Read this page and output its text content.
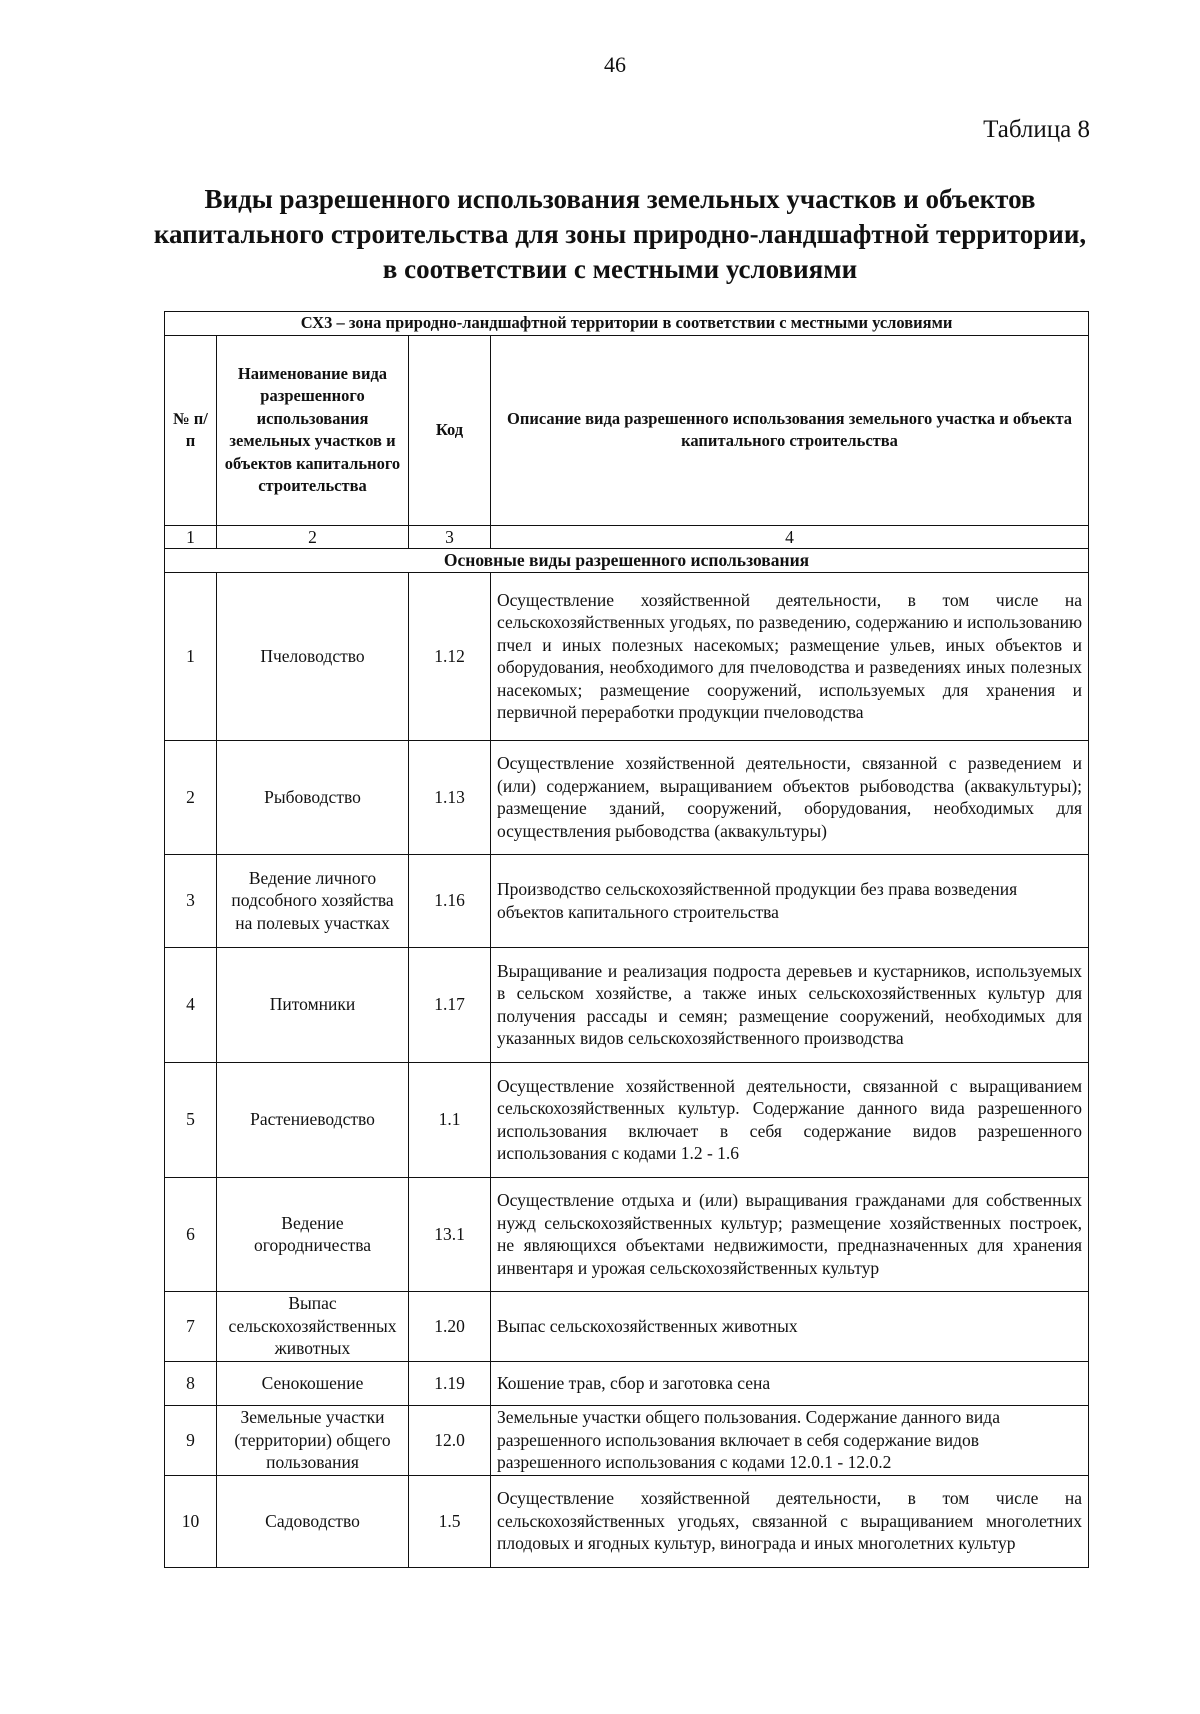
46
Таблица 8
Виды разрешенного использования земельных участков и объектов капитального строительства для зоны природно-ландшафтной территории, в соответствии с местными условиями
СХ3 – зона природно-ландшафтной территории в соответствии с местными условиями			
№ п/п	Наименование вида разрешенного использования земельных участков и объектов капитального строительства	Код	Описание вида разрешенного использования земельного участка и объекта капитального строительства
1	2	3	4
Основные виды разрешенного использования			
1	Пчеловодство	1.12	Осуществление хозяйственной деятельности, в том числе на сельскохозяйственных угодьях, по разведению, содержанию и использованию пчел и иных полезных насекомых; размещение ульев, иных объектов и оборудования, необходимого для пчеловодства и разведениях иных полезных насекомых; размещение сооружений, используемых для хранения и первичной переработки продукции пчеловодства
2	Рыбоводство	1.13	Осуществление хозяйственной деятельности, связанной с разведением и (или) содержанием, выращиванием объектов рыбоводства (аквакультуры); размещение зданий, сооружений, оборудования, необходимых для осуществления рыбоводства (аквакультуры)
3	Ведение личного подсобного хозяйства на полевых участках	1.16	Производство сельскохозяйственной продукции без права возведения объектов капитального строительства
4	Питомники	1.17	Выращивание и реализация подроста деревьев и кустарников, используемых в сельском хозяйстве, а также иных сельскохозяйственных культур для получения рассады и семян; размещение сооружений, необходимых для указанных видов сельскохозяйственного производства
5	Растениеводство	1.1	Осуществление хозяйственной деятельности, связанной с выращиванием сельскохозяйственных культур. Содержание данного вида разрешенного использования включает в себя содержание видов разрешенного использования с кодами 1.2 - 1.6
6	Ведение огородничества	13.1	Осуществление отдыха и (или) выращивания гражданами для собственных нужд сельскохозяйственных культур; размещение хозяйственных построек, не являющихся объектами недвижимости, предназначенных для хранения инвентаря и урожая сельскохозяйственных культур
7	Выпас сельскохозяйственных животных	1.20	Выпас сельскохозяйственных животных
8	Сенокошение	1.19	Кошение трав, сбор и заготовка сена
9	Земельные участки (территории) общего пользования	12.0	Земельные участки общего пользования. Содержание данного вида разрешенного использования включает в себя содержание видов разрешенного использования с кодами 12.0.1 - 12.0.2
10	Садоводство	1.5	Осуществление хозяйственной деятельности, в том числе на сельскохозяйственных угодьях, связанной с выращиванием многолетних плодовых и ягодных культур, винограда и иных многолетних культур
